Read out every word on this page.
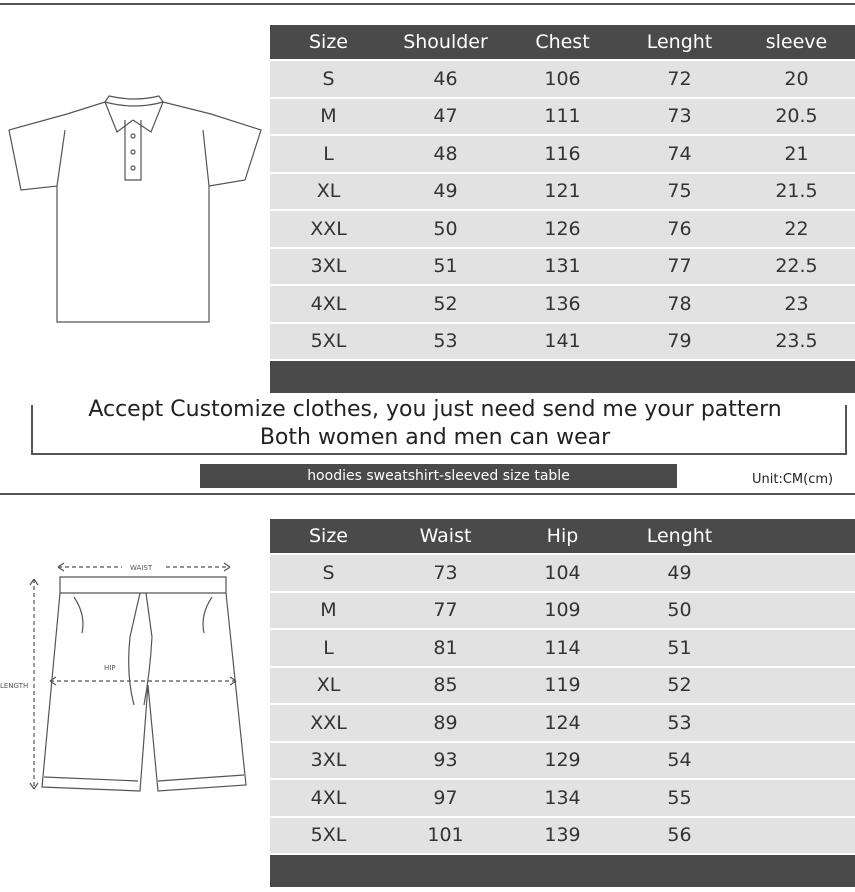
Size	Shoulder	Chest	Lenght	sleeve
S	46	106	72	20
M	47	111	73	20.5
L	48	116	74	21
XL	49	121	75	21.5
XXL	50	126	76	22
3XL	51	131	77	22.5
4XL	52	136	78	23
5XL	53	141	79	23.5
Accept Customize clothes, you just need send me your pattern
Both women and men can wear
hoodies sweatshirt-sleeved size table	Unit:CM(cm)
WAIST
LENGTH
HIP
Size	Waist	Hip	Lenght
S	73	104	49
M	77	109	50
L	81	114	51
XL	85	119	52
XXL	89	124	53
3XL	93	129	54
4XL	97	134	55
5XL	101	139	56
